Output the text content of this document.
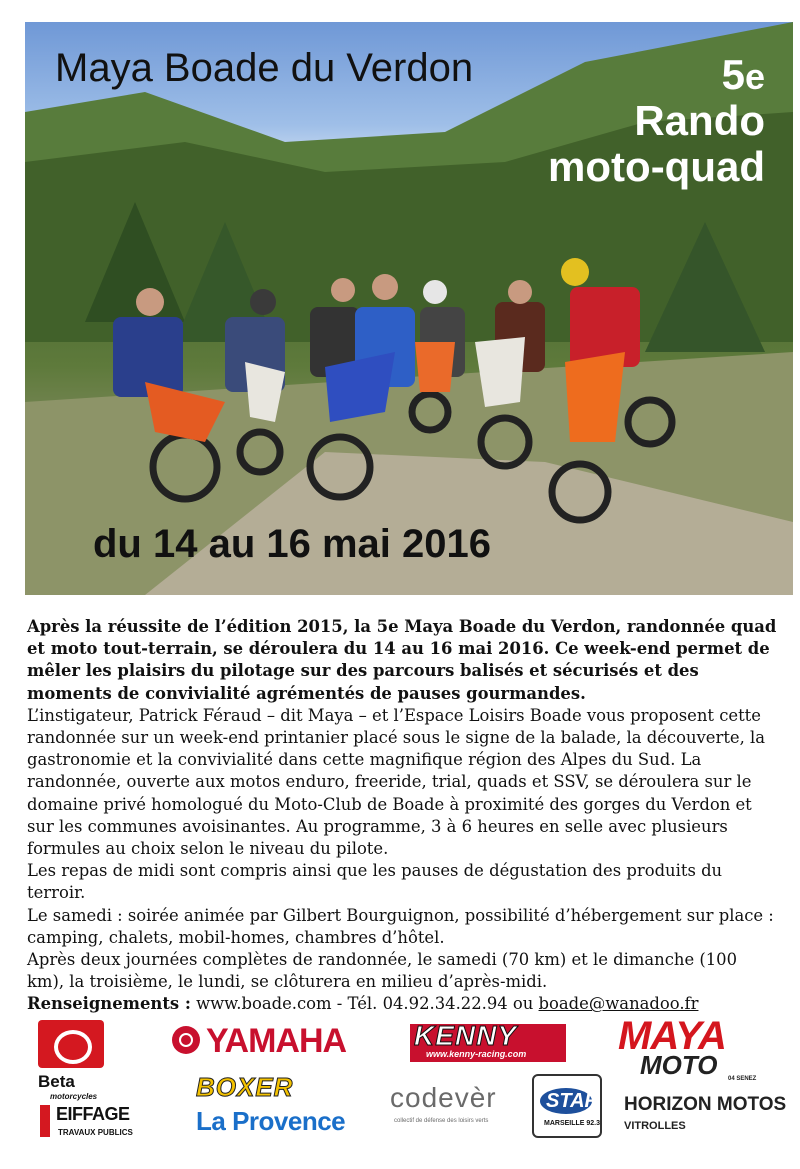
Maya Boade du Verdon	5e
Rando
moto-quad
du 14 au 16 mai 2016

Après la réussite de l’édition 2015, la 5e Maya Boade du Verdon, randonnée quad et moto tout-terrain, se déroulera du 14 au 16 mai 2016. Ce week-end permet de mêler les plaisirs du pilotage sur des parcours balisés et sécurisés et des moments de convivialité agrémentés de pauses gourmandes.

L’instigateur, Patrick Féraud – dit Maya – et l’Espace Loisirs Boade vous proposent cette randonnée sur un week-end printanier placé sous le signe de la balade, la découverte, la gastronomie et la convivialité dans cette magnifique région des Alpes du Sud. La randonnée, ouverte aux motos enduro, freeride, trial, quads et SSV, se déroulera sur le domaine privé homologué du Moto-Club de Boade à proximité des gorges du Verdon et sur les communes avoisinantes. Au programme, 3 à 6 heures en selle avec plusieurs formules au choix selon le niveau du pilote.

Les repas de midi sont compris ainsi que les pauses de dégustation des produits du terroir.

Le samedi : soirée animée par Gilbert Bourguignon, possibilité d’hébergement sur place : camping, chalets, mobil-homes, chambres d’hôtel.

Après deux journées complètes de randonnée, le samedi (70 km) et le dimanche (100 km), la troisième, le lundi, se clôturera en milieu d’après-midi.

Renseignements : www.boade.com - Tél. 04.92.34.22.94 ou boade@wanadoo.fr

Beta
motorcycles
EIFFAGE
TRAVAUX PUBLICS
YAMAHA
BOXER
La Provence
KENNY
www.kenny-racing.com
codevèr
collectif de défense des loisirs verts
STAR
MARSEILLE 92.3
MAYA
MOTO 04 SENEZ
HORIZON MOTOS
VITROLLES
